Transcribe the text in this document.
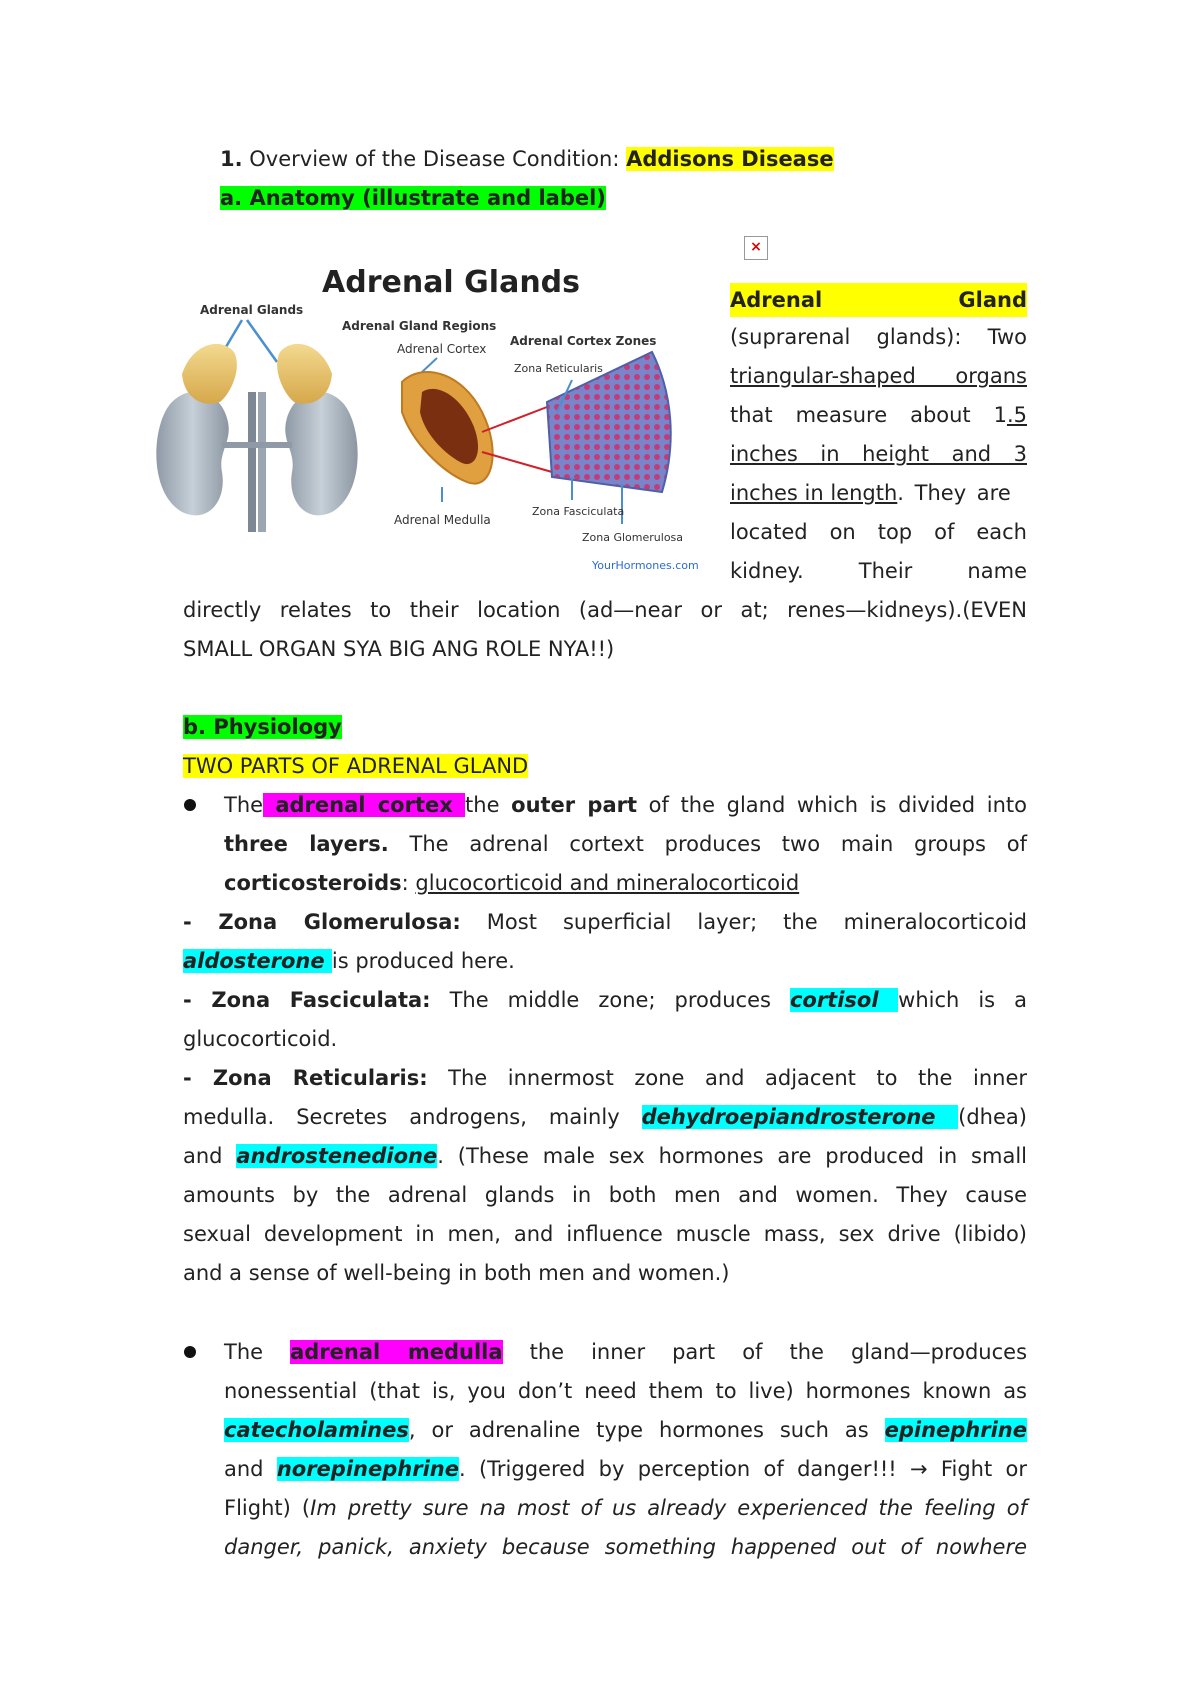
1. Overview of the Disease Condition: Addisons Disease

a. Anatomy (illustrate and label)

Adrenal Glands
Adrenal Glands
Adrenal Gland Regions
Adrenal Cortex
Adrenal Medulla
Adrenal Cortex Zones
Zona Reticularis
Zona Fasciculata
Zona Glomerulosa
YourHormones.com
×

Adrenal	Gland

(suprarenal glands): Two

triangular-shaped organs

that measure about 1.5

inches in height and 3

inches in length. They are

located on top of each

kidney. Their name

directly relates to their location (ad—near or at; renes—kidneys).(EVEN

SMALL ORGAN SYA BIG ANG ROLE NYA!!)

b. Physiology

TWO PARTS OF ADRENAL GLAND

The adrenal cortex the outer part of the gland which is divided into

three layers. The adrenal cortext produces two main groups of

corticosteroids: glucocorticoid and mineralocorticoid

- Zona Glomerulosa: Most superficial layer; the mineralocorticoid

aldosterone is produced here.

- Zona Fasciculata: The middle zone; produces cortisol which is a

glucocorticoid.

- Zona Reticularis: The innermost zone and adjacent to the inner

medulla. Secretes androgens, mainly dehydroepiandrosterone (dhea)

and androstenedione. (These male sex hormones are produced in small

amounts by the adrenal glands in both men and women. They cause

sexual development in men, and influence muscle mass, sex drive (libido)

and a sense of well-being in both men and women.)

The adrenal medulla the inner part of the gland—produces

nonessential (that is, you don’t need them to live) hormones known as

catecholamines, or adrenaline type hormones such as epinephrine

and norepinephrine. (Triggered by perception of danger!!! → Fight or

Flight) (Im pretty sure na most of us already experienced the feeling of

danger, panick, anxiety because something happened out of nowhere
